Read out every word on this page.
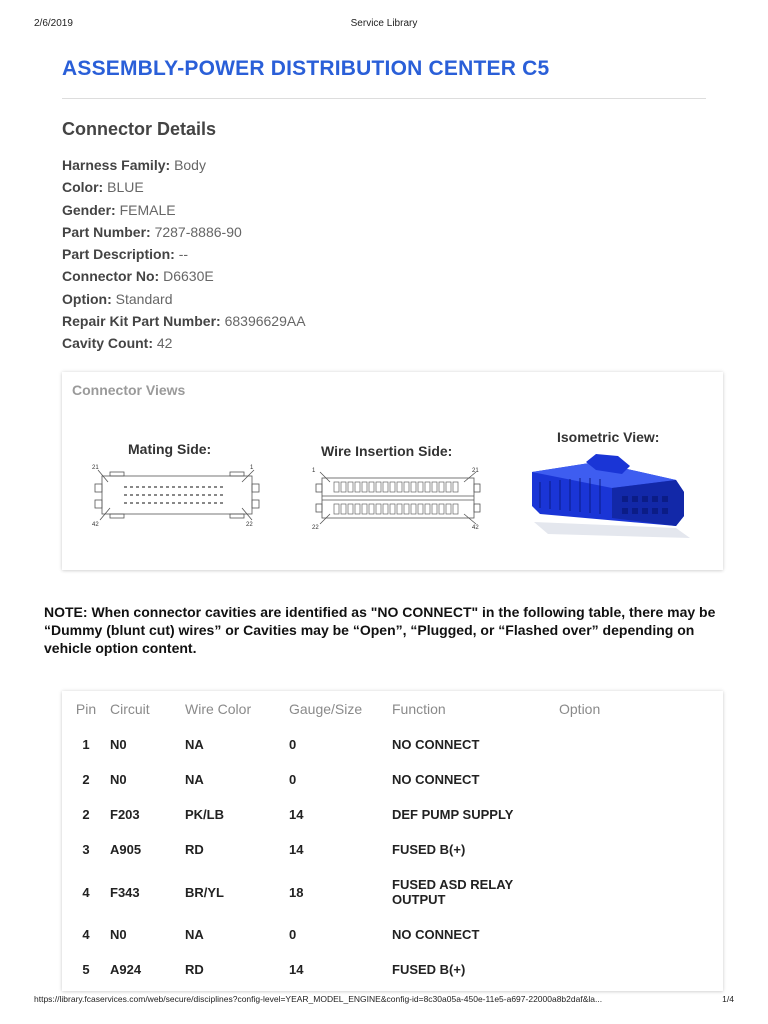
2/6/2019	Service Library
ASSEMBLY-POWER DISTRIBUTION CENTER C5
Connector Details
Harness Family: Body
Color: BLUE
Gender: FEMALE
Part Number: 7287-8886-90
Part Description: --
Connector No: D6630E
Option: Standard
Repair Kit Part Number: 68396629AA
Cavity Count: 42
Connector Views
Mating Side:
21	1
42	22
Wire Insertion Side:
1	21
22	42
Isometric View:

NOTE: When connector cavities are identified as "NO CONNECT" in the following table, there may be “Dummy (blunt cut) wires” or Cavities may be “Open”, “Plugged, or “Flashed over” depending on vehicle option content.

Pin	Circuit	Wire Color	Gauge/Size	Function	Option
1	N0	NA	0	NO CONNECT	
2	N0	NA	0	NO CONNECT	
2	F203	PK/LB	14	DEF PUMP SUPPLY	
3	A905	RD	14	FUSED B(+)	
4	F343	BR/YL	18	FUSED ASD RELAY OUTPUT	
4	N0	NA	0	NO CONNECT	
5	A924	RD	14	FUSED B(+)	
https://library.fcaservices.com/web/secure/disciplines?config-level=YEAR_MODEL_ENGINE&config-id=8c30a05a-450e-11e5-a697-22000a8b2daf&la...	1/4
